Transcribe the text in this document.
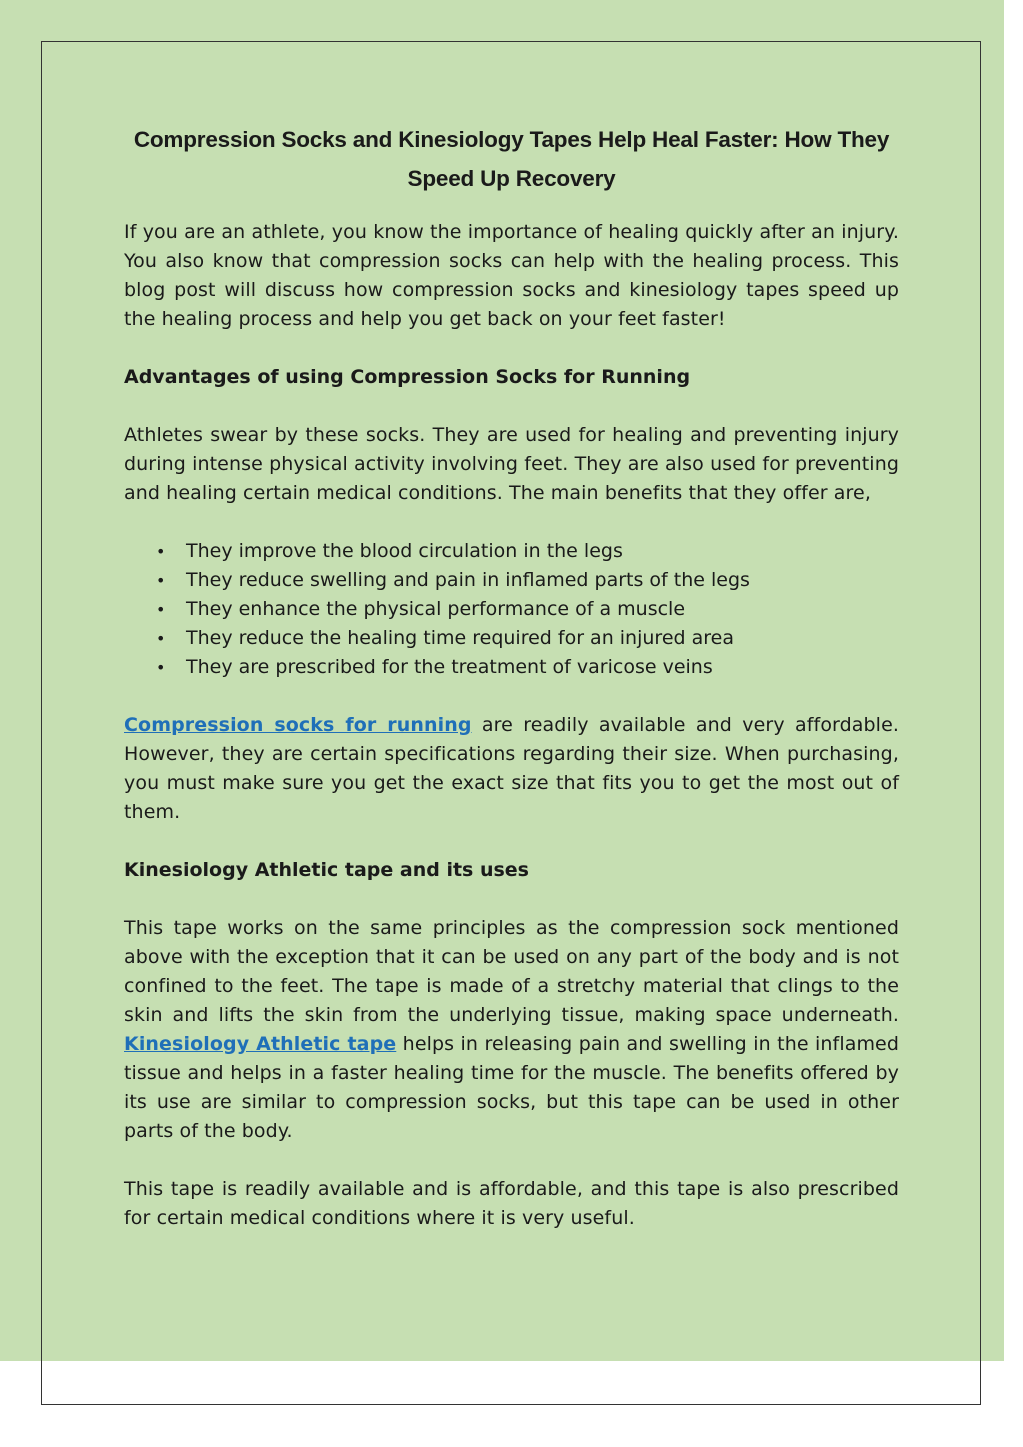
Compression Socks and Kinesiology Tapes Help Heal Faster: How They Speed Up Recovery

If you are an athlete, you know the importance of healing quickly after an injury. You also know that compression socks can help with the healing process. This blog post will discuss how compression socks and kinesiology tapes speed up the healing process and help you get back on your feet faster!

Advantages of using Compression Socks for Running

Athletes swear by these socks. They are used for healing and preventing injury during intense physical activity involving feet. They are also used for preventing and healing certain medical conditions. The main benefits that they offer are,

• They improve the blood circulation in the legs
• They reduce swelling and pain in inflamed parts of the legs
• They enhance the physical performance of a muscle
• They reduce the healing time required for an injured area
• They are prescribed for the treatment of varicose veins

Compression socks for running are readily available and very affordable. However, they are certain specifications regarding their size. When purchasing, you must make sure you get the exact size that fits you to get the most out of them.

Kinesiology Athletic tape and its uses

This tape works on the same principles as the compression sock mentioned above with the exception that it can be used on any part of the body and is not confined to the feet. The tape is made of a stretchy material that clings to the skin and lifts the skin from the underlying tissue, making space underneath. Kinesiology Athletic tape helps in releasing pain and swelling in the inflamed tissue and helps in a faster healing time for the muscle. The benefits offered by its use are similar to compression socks, but this tape can be used in other parts of the body.

This tape is readily available and is affordable, and this tape is also prescribed for certain medical conditions where it is very useful.
